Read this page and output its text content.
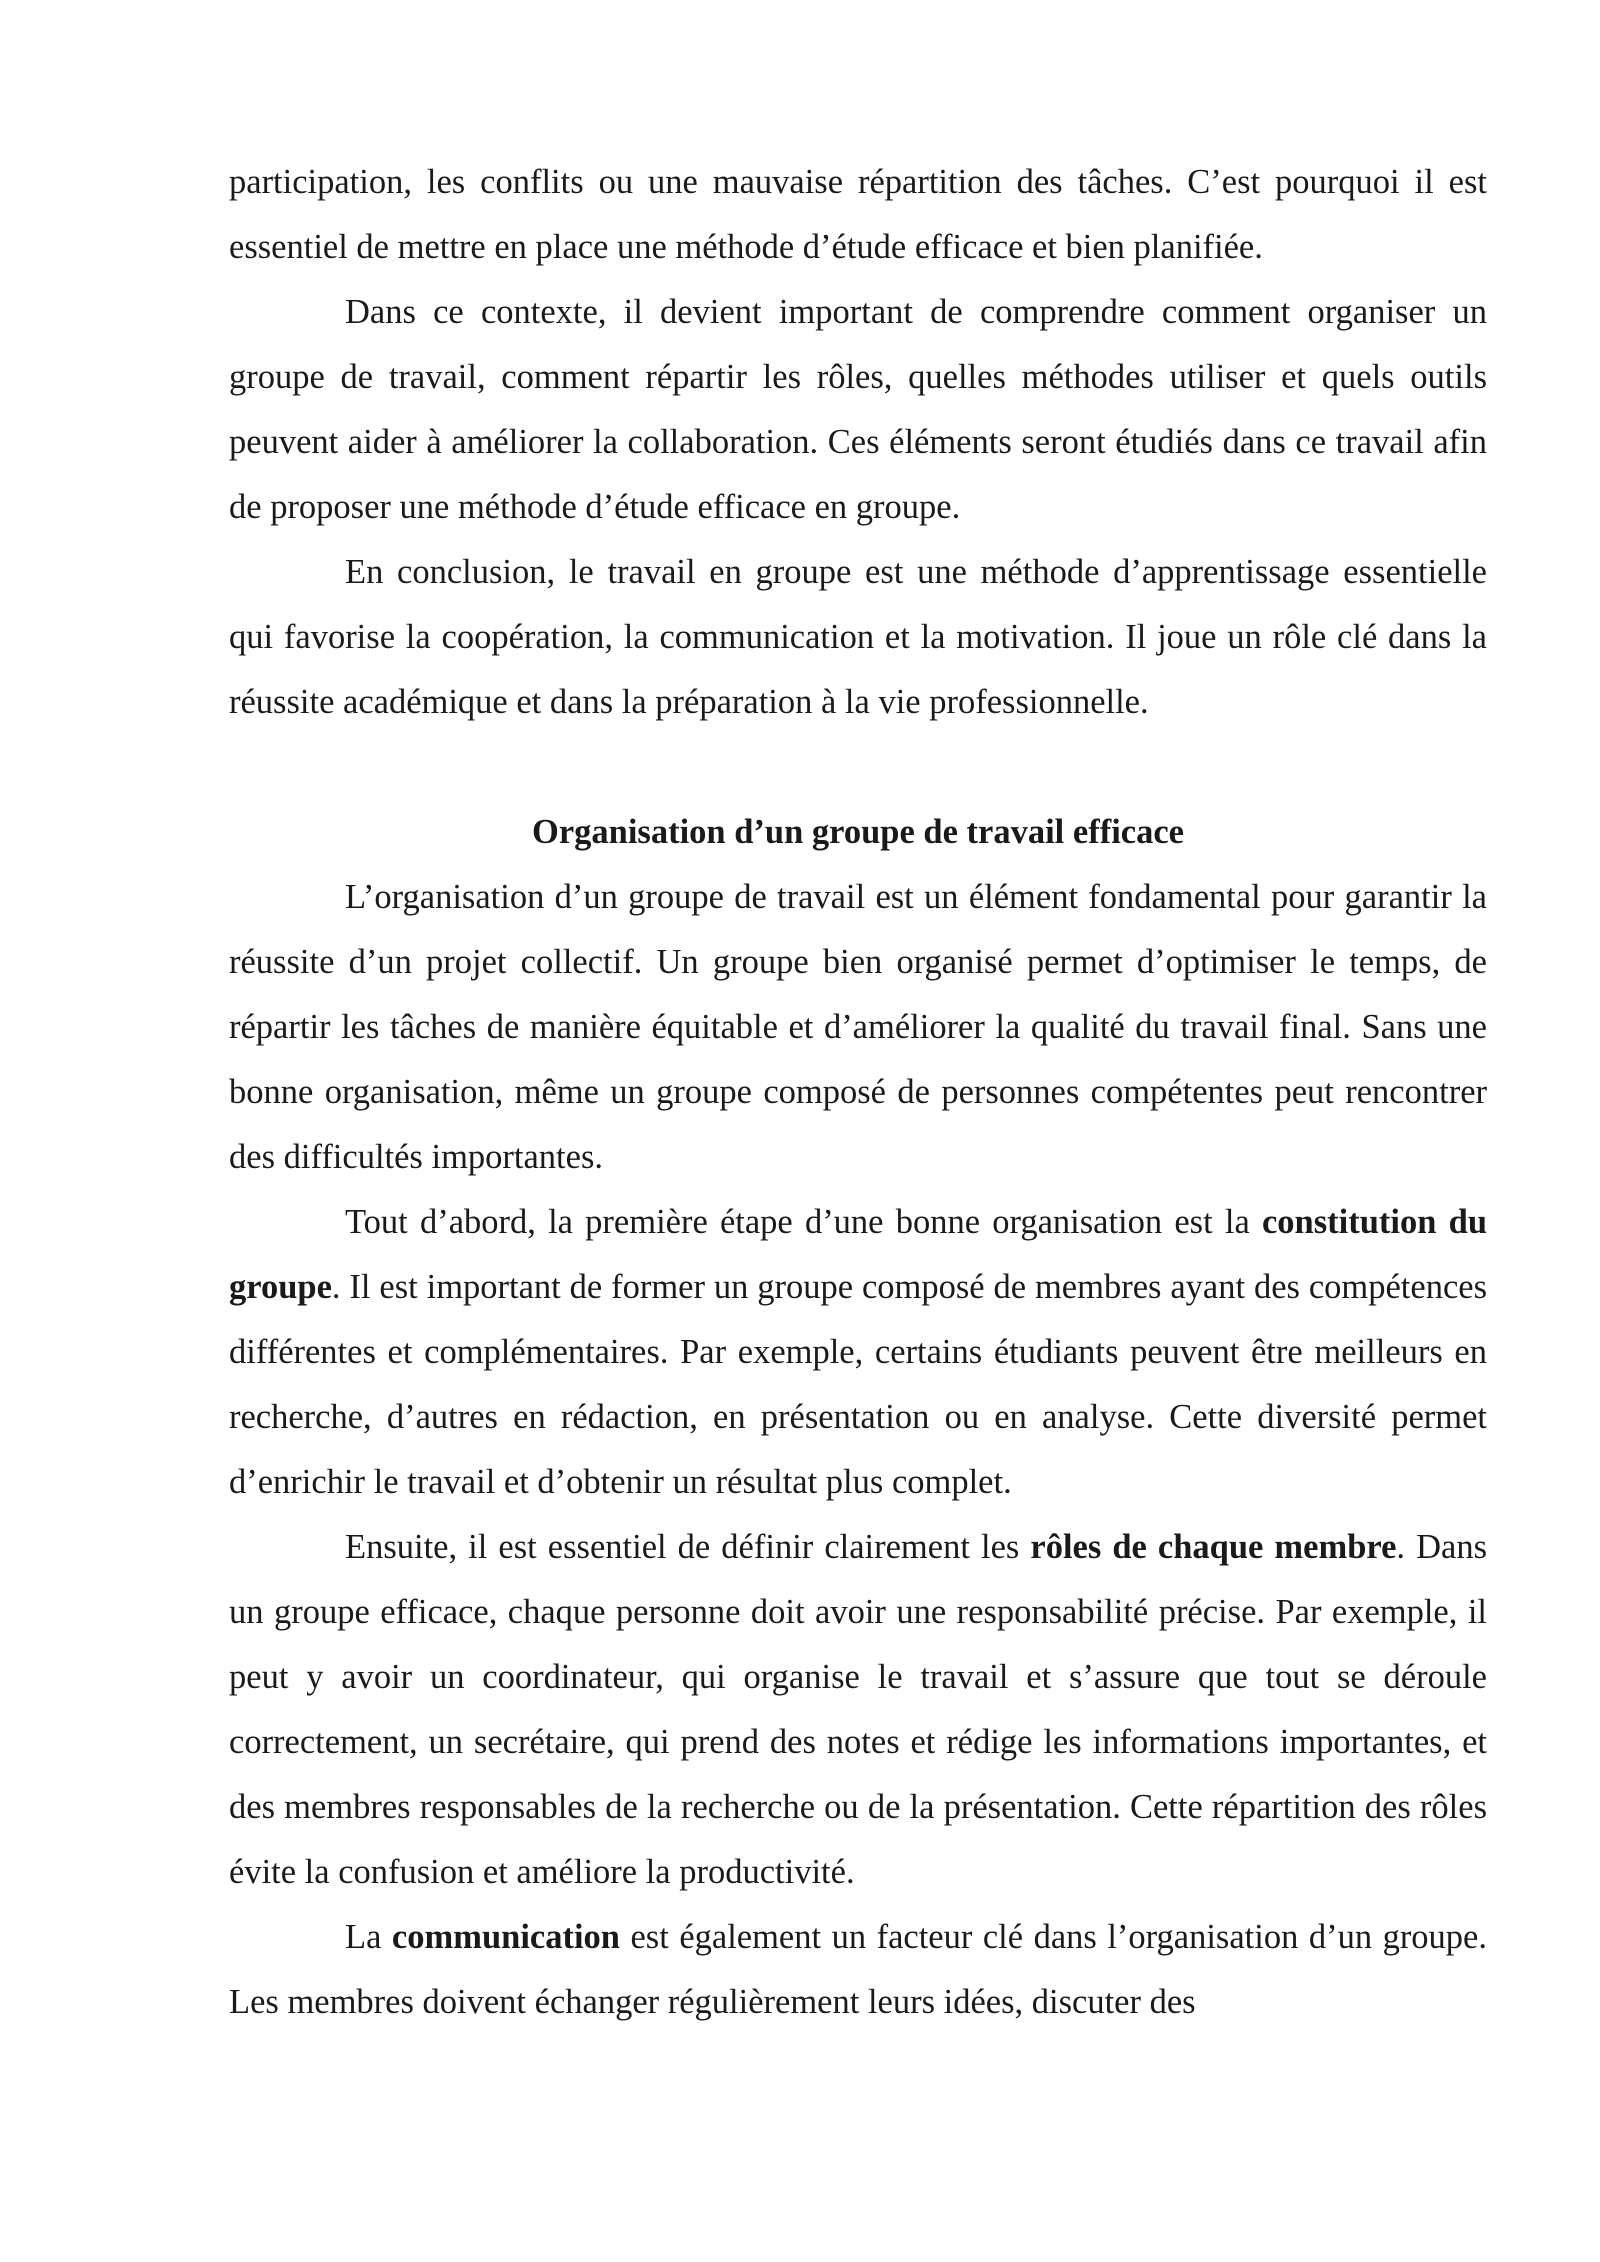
participation, les conflits ou une mauvaise répartition des tâches. C’est pourquoi il est essentiel de mettre en place une méthode d’étude efficace et bien planifiée.

Dans ce contexte, il devient important de comprendre comment organiser un groupe de travail, comment répartir les rôles, quelles méthodes utiliser et quels outils peuvent aider à améliorer la collaboration. Ces éléments seront étudiés dans ce travail afin de proposer une méthode d’étude efficace en groupe.

En conclusion, le travail en groupe est une méthode d’apprentissage essentielle qui favorise la coopération, la communication et la motivation. Il joue un rôle clé dans la réussite académique et dans la préparation à la vie professionnelle.

Organisation d’un groupe de travail efficace

L’organisation d’un groupe de travail est un élément fondamental pour garantir la réussite d’un projet collectif. Un groupe bien organisé permet d’optimiser le temps, de répartir les tâches de manière équitable et d’améliorer la qualité du travail final. Sans une bonne organisation, même un groupe composé de personnes compétentes peut rencontrer des difficultés importantes.

Tout d’abord, la première étape d’une bonne organisation est la constitution du groupe. Il est important de former un groupe composé de membres ayant des compétences différentes et complémentaires. Par exemple, certains étudiants peuvent être meilleurs en recherche, d’autres en rédaction, en présentation ou en analyse. Cette diversité permet d’enrichir le travail et d’obtenir un résultat plus complet.

Ensuite, il est essentiel de définir clairement les rôles de chaque membre. Dans un groupe efficace, chaque personne doit avoir une responsabilité précise. Par exemple, il peut y avoir un coordinateur, qui organise le travail et s’assure que tout se déroule correctement, un secrétaire, qui prend des notes et rédige les informations importantes, et des membres responsables de la recherche ou de la présentation. Cette répartition des rôles évite la confusion et améliore la productivité.

La communication est également un facteur clé dans l’organisation d’un groupe. Les membres doivent échanger régulièrement leurs idées, discuter des
